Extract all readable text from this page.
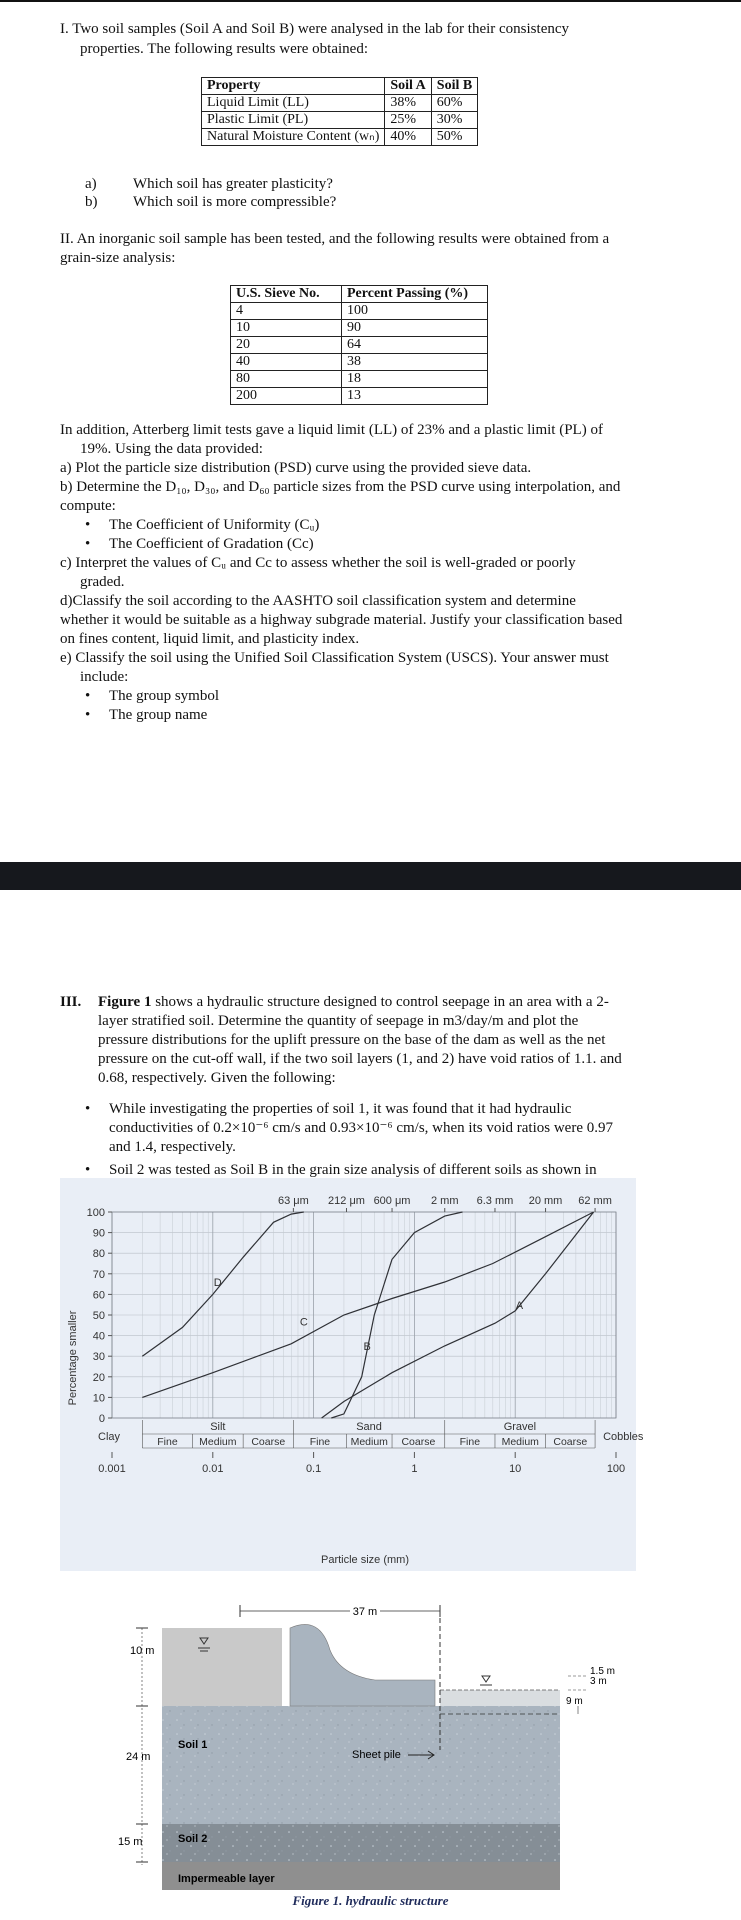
I. Two soil samples (Soil A and Soil B) were analysed in the lab for their consistency

properties. The following results were obtained:

Property	Soil A	Soil B
Liquid Limit (LL)	38%	60%
Plastic Limit (PL)	25%	30%
Natural Moisture Content (wₙ)	40%	50%

a) Which soil has greater plasticity?

b) Which soil is more compressible?

II. An inorganic soil sample has been tested, and the following results were obtained from a

grain-size analysis:

U.S. Sieve No.	Percent Passing (%)
4	100
10	90
20	64
40	38
80	18
200	13

In addition, Atterberg limit tests gave a liquid limit (LL) of 23% and a plastic limit (PL) of

19%. Using the data provided:

a) Plot the particle size distribution (PSD) curve using the provided sieve data.

b) Determine the D₁₀, D₃₀, and D₆₀ particle sizes from the PSD curve using interpolation, and

compute:

• The Coefficient of Uniformity (Cᵤ)
• The Coefficient of Gradation (Cc)

c) Interpret the values of Cᵤ and Cc to assess whether the soil is well-graded or poorly

graded.

d)Classify the soil according to the AASHTO soil classification system and determine

whether it would be suitable as a highway subgrade material. Justify your classification based

on fines content, liquid limit, and plasticity index.

e) Classify the soil using the Unified Soil Classification System (USCS). Your answer must

include:

• The group symbol
• The group name

III. Figure 1 shows a hydraulic structure designed to control seepage in an area with a 2-

layer stratified soil. Determine the quantity of seepage in m3/day/m and plot the

pressure distributions for the uplift pressure on the base of the dam as well as the net

pressure on the cut-off wall, if the two soil layers (1, and 2) have void ratios of 1.1. and

0.68, respectively. Given the following:

• While investigating the properties of soil 1, it was found that it had hydraulic

conductivities of 0.2×10⁻⁶ cm/s and 0.93×10⁻⁶ cm/s, when its void ratios were 0.97

and 1.4, respectively.

• Soil 2 was tested as Soil B in the grain size analysis of different soils as shown in

63 μm 212 μm 600 μm 2 mm 6.3 mm 20 mm 62 mm
0
10
20
30
40
50
60
70
80
90
100
D
C
B
A
Percentage smaller
Clay
Silt	Sand	Gravel
Cobbles
Fine Medium Coarse Fine Medium Coarse Fine Medium Coarse
0.001	0.01	0.1	1	10	100
Particle size (mm)
37 m
10 m
24 m
15 m
1.5 m
3 m
9 m
Soil 1
Soil 2
Impermeable layer
Sheet pile
Figure 1. hydraulic structure
